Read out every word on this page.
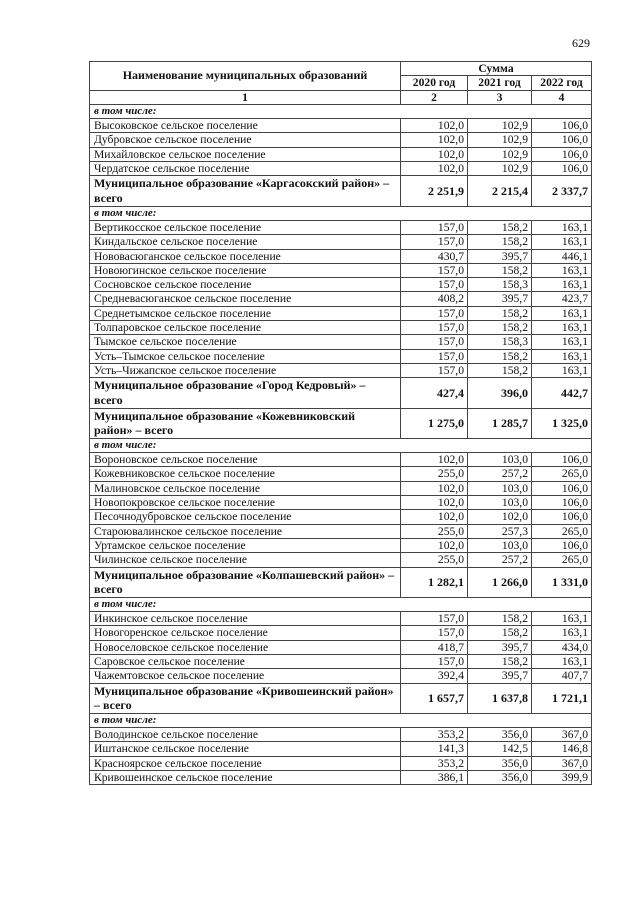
629
Наименование муниципальных образований	Сумма		
	2020 год	2021 год	2022 год
1	2	3	4
в том числе:			
Высоковское сельское поселение	102,0	102,9	106,0
Дубровское сельское поселение	102,0	102,9	106,0
Михайловское сельское поселение	102,0	102,9	106,0
Чердатское сельское поселение	102,0	102,9	106,0
Муниципальное образование «Каргасокский район» – всего	2 251,9	2 215,4	2 337,7
в том числе:			
Вертикосское сельское поселение	157,0	158,2	163,1
Киндальское сельское поселение	157,0	158,2	163,1
Нововасюганское сельское поселение	430,7	395,7	446,1
Новоюгинское сельское поселение	157,0	158,2	163,1
Сосновское сельское поселение	157,0	158,3	163,1
Средневасюганское сельское поселение	408,2	395,7	423,7
Среднетымское сельское поселение	157,0	158,2	163,1
Толпаровское сельское поселение	157,0	158,2	163,1
Тымское сельское поселение	157,0	158,3	163,1
Усть–Тымское сельское поселение	157,0	158,2	163,1
Усть–Чижапское сельское поселение	157,0	158,2	163,1
Муниципальное образование «Город Кедровый» – всего	427,4	396,0	442,7
Муниципальное образование «Кожевниковский район» – всего	1 275,0	1 285,7	1 325,0
в том числе:			
Вороновское сельское поселение	102,0	103,0	106,0
Кожевниковское сельское поселение	255,0	257,2	265,0
Малиновское сельское поселение	102,0	103,0	106,0
Новопокровское сельское поселение	102,0	103,0	106,0
Песочнодубровское сельское поселение	102,0	102,0	106,0
Староювалинское сельское поселение	255,0	257,3	265,0
Уртамское сельское поселение	102,0	103,0	106,0
Чилинское сельское поселение	255,0	257,2	265,0
Муниципальное образование «Колпашевский район» – всего	1 282,1	1 266,0	1 331,0
в том числе:			
Инкинское сельское поселение	157,0	158,2	163,1
Новогоренское сельское поселение	157,0	158,2	163,1
Новоселовское сельское поселение	418,7	395,7	434,0
Саровское сельское поселение	157,0	158,2	163,1
Чажемтовское сельское поселение	392,4	395,7	407,7
Муниципальное образование «Кривошеинский район» – всего	1 657,7	1 637,8	1 721,1
в том числе:			
Володинское сельское поселение	353,2	356,0	367,0
Иштанское сельское поселение	141,3	142,5	146,8
Красноярское сельское поселение	353,2	356,0	367,0
Кривошеинское сельское поселение	386,1	356,0	399,9
